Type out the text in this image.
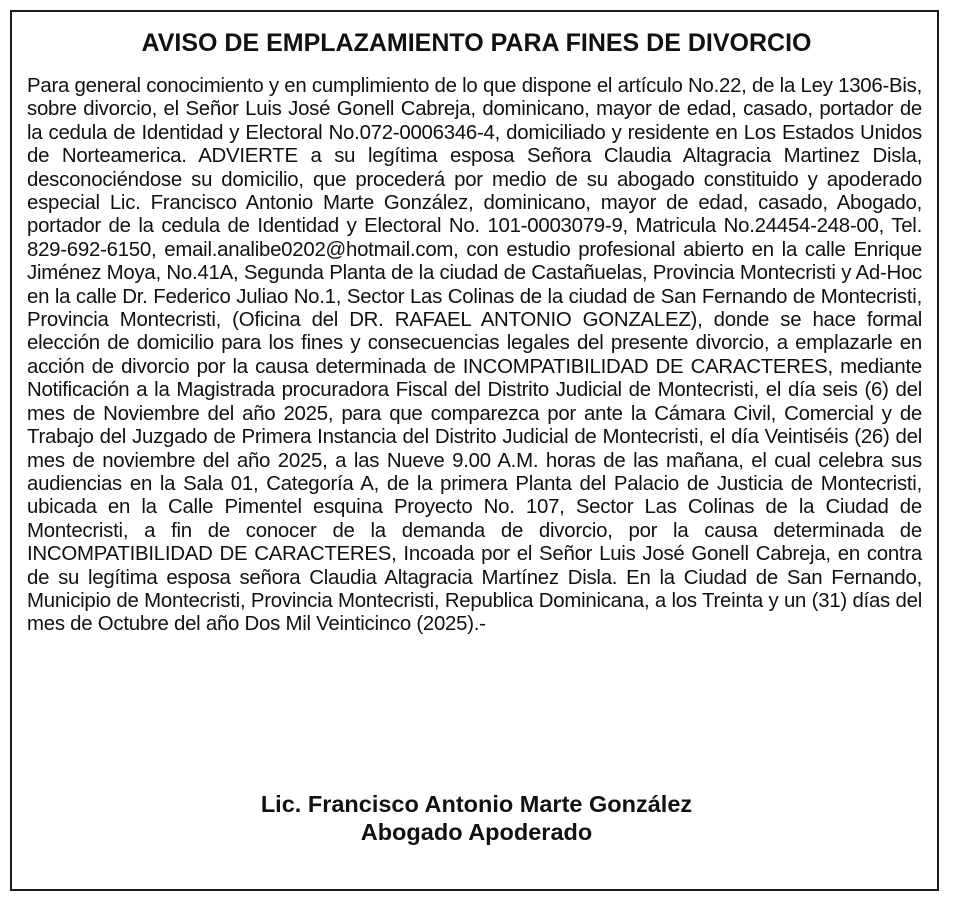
AVISO DE EMPLAZAMIENTO PARA FINES DE DIVORCIO

Para general conocimiento y en cumplimiento de lo que dispone el artículo No.22, de la Ley 1306-Bis, sobre divorcio, el Señor Luis José Gonell Cabreja, dominicano, mayor de edad, casado, portador de la cedula de Identidad y Electoral No.072-0006346-4, domiciliado y residente en Los Estados Unidos de Norteamerica. ADVIERTE a su legítima esposa Señora Claudia Altagracia Martinez Disla, desconociéndose su domicilio, que procederá por medio de su abogado constituido y apoderado especial Lic. Francisco Antonio Marte González, dominicano, mayor de edad, casado, Abogado, portador de la cedula de Identidad y Electoral No. 101-0003079-9, Matricula No.24454-248-00, Tel. 829-692-6150, email.analibe0202@hotmail.com, con estudio profesional abierto en la calle Enrique Jiménez Moya, No.41A, Segunda Planta de la ciudad de Castañuelas, Provincia Montecristi y Ad-Hoc en la calle Dr. Federico Juliao No.1, Sector Las Colinas de la ciudad de San Fernando de Montecristi, Provincia Montecristi, (Oficina del DR. RAFAEL ANTONIO GONZALEZ), donde se hace formal elección de domicilio para los fines y consecuencias legales del presente divorcio, a emplazarle en acción de divorcio por la causa determinada de INCOMPATIBILIDAD DE CARACTERES, mediante Notificación a la Magistrada procuradora Fiscal del Distrito Judicial de Montecristi, el día seis (6) del mes de Noviembre del año 2025, para que comparezca por ante la Cámara Civil, Comercial y de Trabajo del Juzgado de Primera Instancia del Distrito Judicial de Montecristi, el día Veintiséis (26) del mes de noviembre del año 2025, a las Nueve 9.00 A.M. horas de las mañana, el cual celebra sus audiencias en la Sala 01, Categoría A, de la primera Planta del Palacio de Justicia de Montecristi, ubicada en la Calle Pimentel esquina Proyecto No. 107, Sector Las Colinas de la Ciudad de Montecristi, a fin de conocer de la demanda de divorcio, por la causa determinada de INCOMPATIBILIDAD DE CARACTERES, Incoada por el Señor Luis José Gonell Cabreja, en contra de su legítima esposa señora Claudia Altagracia Martínez Disla. En la Ciudad de San Fernando, Municipio de Montecristi, Provincia Montecristi, Republica Dominicana, a los Treinta y un (31) días del mes de Octubre del año Dos Mil Veinticinco (2025).-

Lic. Francisco Antonio Marte González
Abogado Apoderado
